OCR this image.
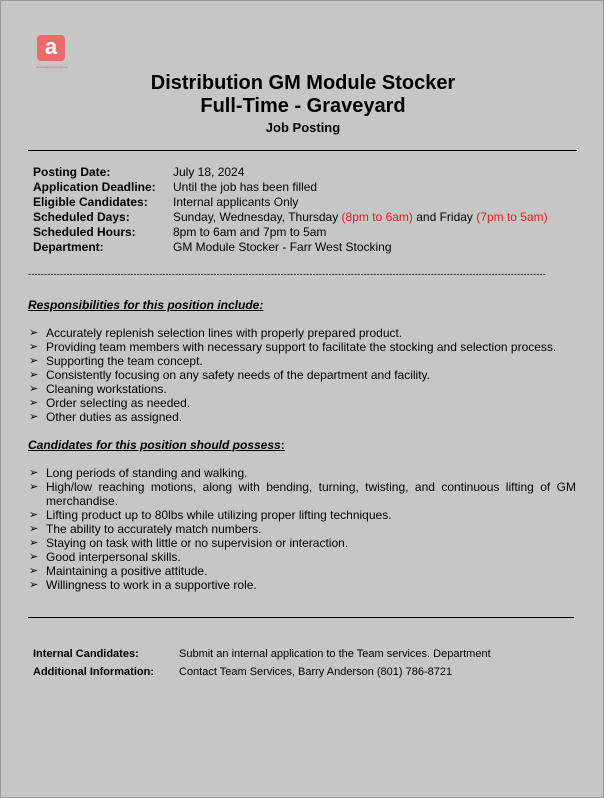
a
Associated Food Stores
Distribution GM Module Stocker
Full-Time - Graveyard
Job Posting
Posting Date:	July 18, 2024
Application Deadline: Until the job has been filled
Eligible Candidates: Internal applicants Only
Scheduled Days:	Sunday, Wednesday, Thursday (8pm to 6am) and Friday (7pm to 5am)
Scheduled Hours:	8pm to 6am and 7pm to 5am
Department:	GM Module Stocker - Farr West Stocking
------------------------------------------------------------------------------------------------------------------------------------------------------------------
Responsibilities for this position include:
➢ Accurately replenish selection lines with properly prepared product.
➢ Providing team members with necessary support to facilitate the stocking and selection process.
➢ Supporting the team concept.
➢ Consistently focusing on any safety needs of the department and facility.
➢ Cleaning workstations.
➢ Order selecting as needed.
➢ Other duties as assigned.
Candidates for this position should possess:
➢ Long periods of standing and walking.
➢ High/low reaching motions, along with bending, turning, twisting, and continuous lifting of GM merchandise.
➢ Lifting product up to 80lbs while utilizing proper lifting techniques.
➢ The ability to accurately match numbers.
➢ Staying on task with little or no supervision or interaction.
➢ Good interpersonal skills.
➢ Maintaining a positive attitude.
➢ Willingness to work in a supportive role.
Internal Candidates:	Submit an internal application to the Team services. Department
Additional Information: Contact Team Services, Barry Anderson (801) 786-8721
